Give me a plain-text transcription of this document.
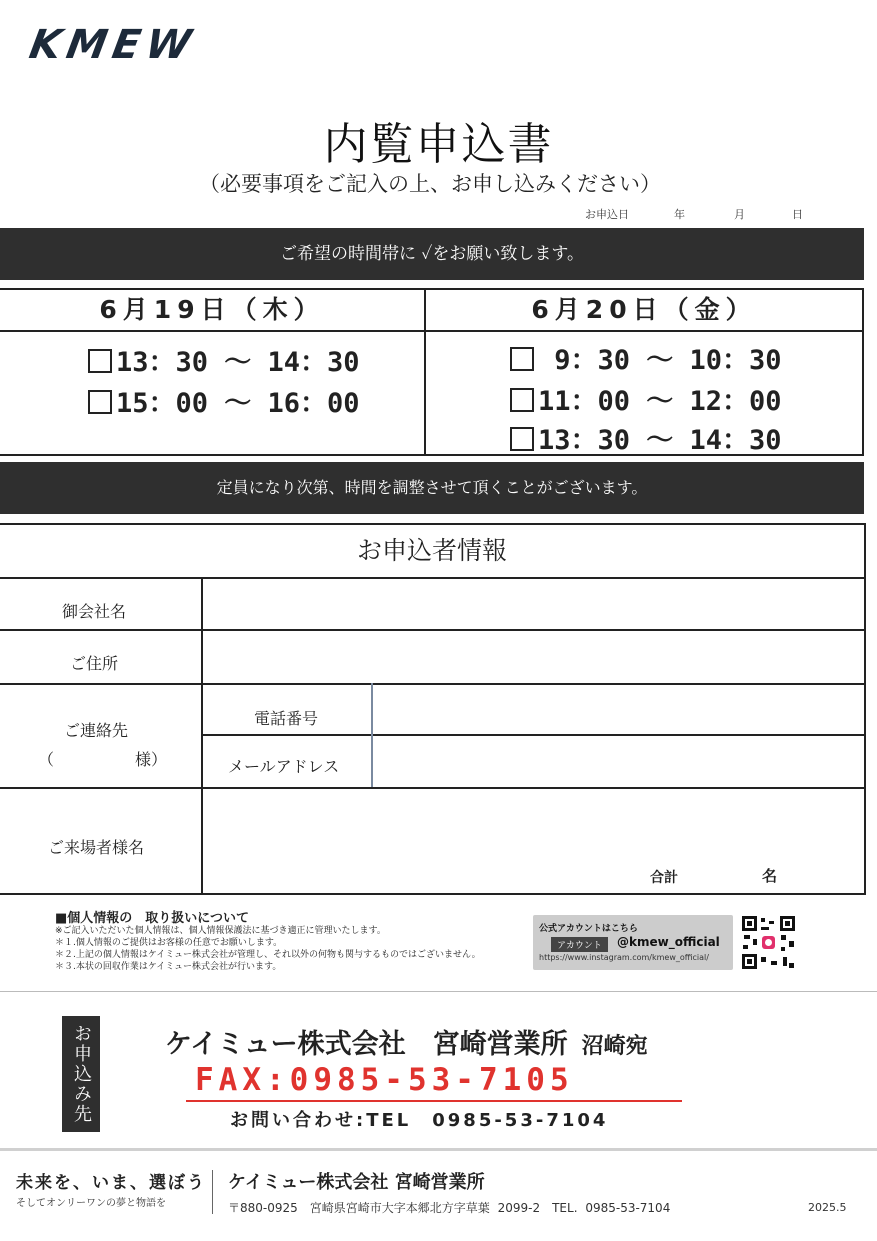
KMEW
内覧申込書
（必要事項をご記入の上、お申し込みください）
お申込日	年	月	日
ご希望の時間帯に ✓をお願い致します。
6月19日（木）
13：30 ～ 14：30
15：00 ～ 16：00
6月20日（金）
9：30 ～ 10：30
11：00 ～ 12：00
13：30 ～ 14：30
定員になり次第、時間を調整させて頂くことがございます。
お申込者情報
御会社名
ご住所
ご連絡先
（	様）
電話番号
メールアドレス
ご来場者様名
合計	名
■個人情報の　取り扱いについて
※ご記入いただいた個人情報は、個人情報保護法に基づき適正に管理いたします。
＊１.個人情報のご提供はお客様の任意でお願いします。
＊２.上記の個人情報はケイミュー株式会社が管理し、それ以外の何物も関与するものではございません。
＊３.本状の回収作業はケイミュー株式会社が行います。
公式アカウントはこちら
アカウント	@kmew_official
https://www.instagram.com/kmew_official/
お申込み先	ケイミュー株式会社　宮崎営業所 沼崎宛
FAX:0985-53-7105
お問い合わせ:TEL　0985-53-7104
未来を、いま、選ぼう
そしてオンリーワンの夢と物語を
ケイミュー株式会社 宮崎営業所
〒880-0925　宮崎県宮崎市大字本郷北方字草葉 2099-2　TEL. 0985-53-7104	2025.5
